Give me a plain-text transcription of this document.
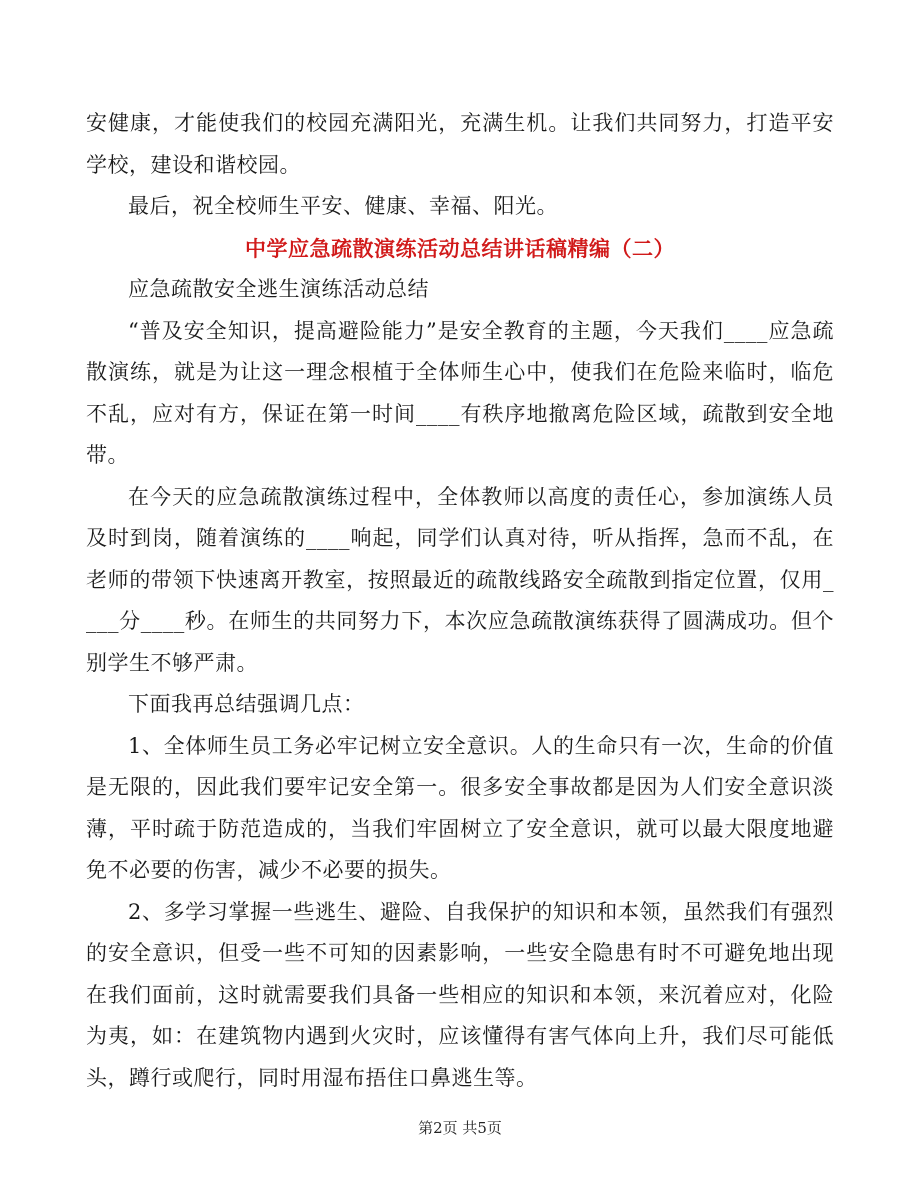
安健康，才能使我们的校园充满阳光，充满生机。让我们共同努力，打造平安学校，建设和谐校园。

最后，祝全校师生平安、健康、幸福、阳光。

中学应急疏散演练活动总结讲话稿精编（二）

应急疏散安全逃生演练活动总结

“普及安全知识，提高避险能力”是安全教育的主题，今天我们____应急疏散演练，就是为让这一理念根植于全体师生心中，使我们在危险来临时，临危不乱，应对有方，保证在第一时间____有秩序地撤离危险区域，疏散到安全地带。

在今天的应急疏散演练过程中，全体教师以高度的责任心，参加演练人员及时到岗，随着演练的____响起，同学们认真对待，听从指挥，急而不乱，在老师的带领下快速离开教室，按照最近的疏散线路安全疏散到指定位置，仅用____分____秒。在师生的共同努力下，本次应急疏散演练获得了圆满成功。但个别学生不够严肃。

下面我再总结强调几点：

1、全体师生员工务必牢记树立安全意识。人的生命只有一次，生命的价值是无限的，因此我们要牢记安全第一。很多安全事故都是因为人们安全意识淡薄，平时疏于防范造成的，当我们牢固树立了安全意识，就可以最大限度地避免不必要的伤害，减少不必要的损失。

2、多学习掌握一些逃生、避险、自我保护的知识和本领，虽然我们有强烈的安全意识，但受一些不可知的因素影响，一些安全隐患有时不可避免地出现在我们面前，这时就需要我们具备一些相应的知识和本领，来沉着应对，化险为夷，如：在建筑物内遇到火灾时，应该懂得有害气体向上升，我们尽可能低头，蹲行或爬行，同时用湿布捂住口鼻逃生等。

第2页 共5页
